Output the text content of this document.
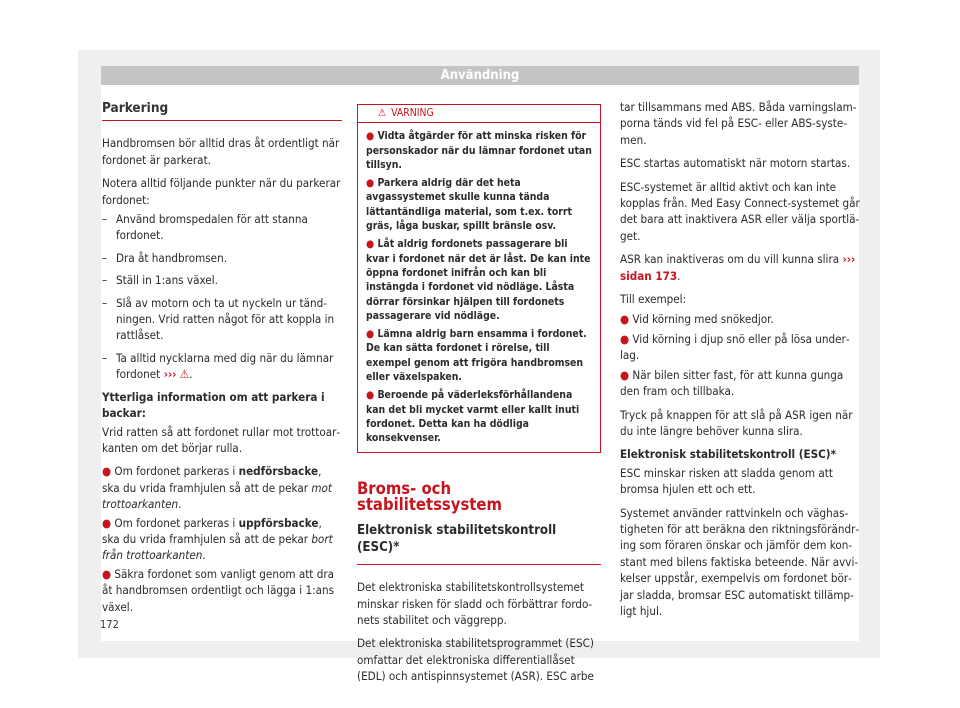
Användning
Parkering

Handbromsen bör alltid dras åt ordentligt när fordonet är parkerat.

Notera alltid följande punkter när du parkerar fordonet:

– Använd bromspedalen för att stanna fordonet.
– Dra åt handbromsen.
– Ställ in 1:ans växel.
– Slå av motorn och ta ut nyckeln ur tändningen. Vrid ratten något för att koppla in rattlåset.
– Ta alltid nycklarna med dig när du lämnar fordonet ››› ⚠.

Ytterliga information om att parkera i backar:

Vrid ratten så att fordonet rullar mot trottoarkanten om det börjar rulla.

● Om fordonet parkeras i nedförsbacke, ska du vrida framhjulen så att de pekar mot trottoarkanten.

● Om fordonet parkeras i uppförsbacke, ska du vrida framhjulen så att de pekar bort från trottoarkanten.

● Säkra fordonet som vanligt genom att dra åt handbromsen ordentligt och lägga i 1:ans växel.

⚠ VARNING

● Vidta åtgärder för att minska risken för personskador när du lämnar fordonet utan tillsyn.

● Parkera aldrig där det heta avgassystemet skulle kunna tända lättantändliga material, som t.ex. torrt gräs, låga buskar, spillt bränsle osv.

● Låt aldrig fordonets passagerare bli kvar i fordonet när det är låst. De kan inte öppna fordonet inifrån och kan bli instängda i fordonet vid nödläge. Låsta dörrar försinkar hjälpen till fordonets passagerare vid nödläge.

● Lämna aldrig barn ensamma i fordonet. De kan sätta fordonet i rörelse, till exempel genom att frigöra handbromsen eller växelspaken.

● Beroende på väderleksförhållandena kan det bli mycket varmt eller kallt inuti fordonet. Detta kan ha dödliga konsekvenser.

Broms- och stabilitetssystem
Elektronisk stabilitetskontroll (ESC)*

Det elektroniska stabilitetskontrollsystemet minskar risken för sladd och förbättrar fordonets stabilitet och väggrepp.

Det elektroniska stabilitetsprogrammet (ESC) omfattar det elektroniska differentiallåset (EDL) och antispinnsystemet (ASR). ESC arbe

tar tillsammans med ABS. Båda varningslamporna tänds vid fel på ESC- eller ABS-systemen.

ESC startas automatiskt när motorn startas.

ESC-systemet är alltid aktivt och kan inte kopplas från. Med Easy Connect-systemet går det bara att inaktivera ASR eller välja sportläget.

ASR kan inaktiveras om du vill kunna slira ››› sidan 173.

Till exempel:

● Vid körning med snökedjor.

● Vid körning i djup snö eller på lösa underlag.

● När bilen sitter fast, för att kunna gunga den fram och tillbaka.

Tryck på knappen för att slå på ASR igen när du inte längre behöver kunna slira.

Elektronisk stabilitetskontroll (ESC)*

ESC minskar risken att sladda genom att bromsa hjulen ett och ett.

Systemet använder rattvinkeln och väghastigheten för att beräkna den riktningsförändring som föraren önskar och jämför dem konstant med bilens faktiska beteende. När avvikelser uppstår, exempelvis om fordonet börjar sladda, bromsar ESC automatiskt tillämpligt hjul.

172
